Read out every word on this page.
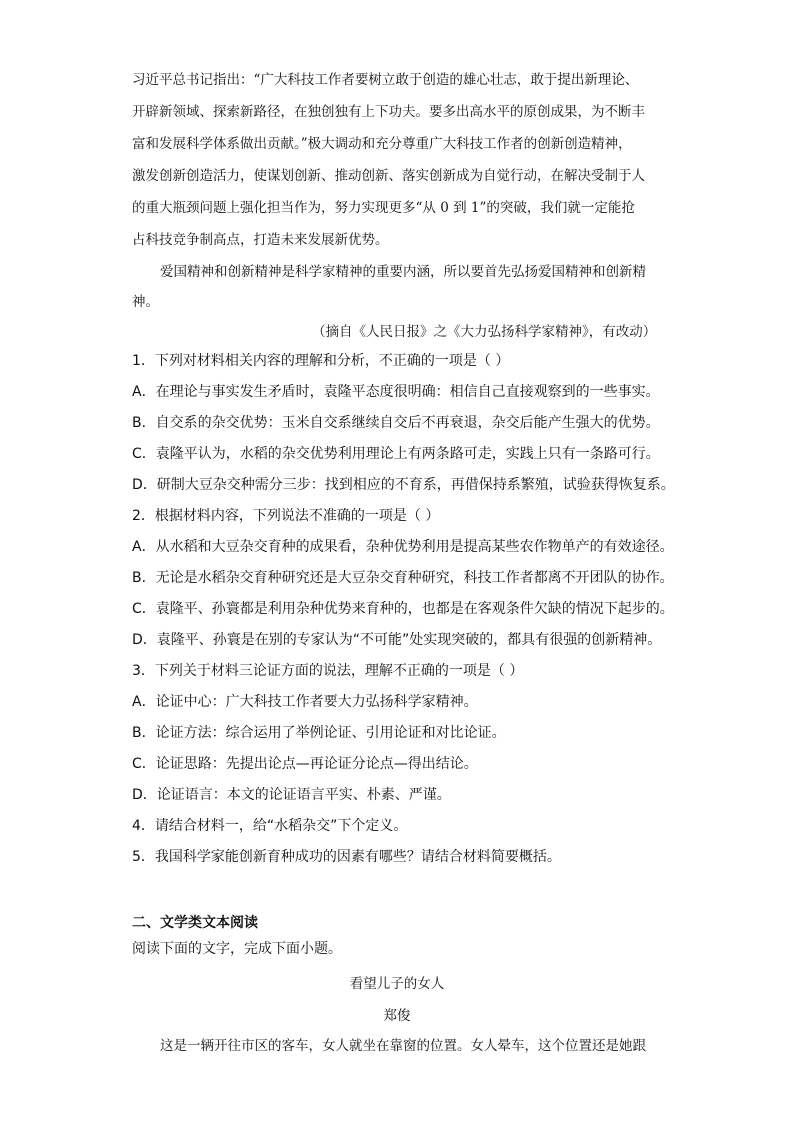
习近平总书记指出：“广大科技工作者要树立敢于创造的雄心壮志，敢于提出新理论、
开辟新领域、探索新路径，在独创独有上下功夫。要多出高水平的原创成果，为不断丰
富和发展科学体系做出贡献。”极大调动和充分尊重广大科技工作者的创新创造精神，
激发创新创造活力，使谋划创新、推动创新、落实创新成为自觉行动，在解决受制于人
的重大瓶颈问题上强化担当作为，努力实现更多“从 0 到 1”的突破，我们就一定能抢
占科技竞争制高点，打造未来发展新优势。
爱国精神和创新精神是科学家精神的重要内涵，所以要首先弘扬爱国精神和创新精
神。
（摘自《人民日报》之《大力弘扬科学家精神》，有改动）
1．下列对材料相关内容的理解和分析，不正确的一项是（ ）
A．在理论与事实发生矛盾时，袁隆平态度很明确：相信自己直接观察到的一些事实。
B．自交系的杂交优势：玉米自交系继续自交后不再衰退，杂交后能产生强大的优势。
C．袁隆平认为，水稻的杂交优势利用理论上有两条路可走，实践上只有一条路可行。
D．研制大豆杂交种需分三步：找到相应的不育系，再借保持系繁殖，试验获得恢复系。
2．根据材料内容，下列说法不准确的一项是（ ）
A．从水稻和大豆杂交育种的成果看，杂种优势利用是提高某些农作物单产的有效途径。
B．无论是水稻杂交育种研究还是大豆杂交育种研究，科技工作者都离不开团队的协作。
C．袁隆平、孙寰都是利用杂种优势来育种的，也都是在客观条件欠缺的情况下起步的。
D．袁隆平、孙寰是在别的专家认为“不可能”处实现突破的，都具有很强的创新精神。
3．下列关于材料三论证方面的说法，理解不正确的一项是（ ）
A．论证中心：广大科技工作者要大力弘扬科学家精神。
B．论证方法：综合运用了举例论证、引用论证和对比论证。
C．论证思路：先提出论点—再论证分论点—得出结论。
D．论证语言：本文的论证语言平实、朴素、严谨。
4．请结合材料一，给“水稻杂交”下个定义。
5．我国科学家能创新育种成功的因素有哪些？请结合材料简要概括。
二、文学类文本阅读
阅读下面的文字，完成下面小题。
看望儿子的女人
郑俊
这是一辆开往市区的客车，女人就坐在靠窗的位置。女人晕车，这个位置还是她跟
